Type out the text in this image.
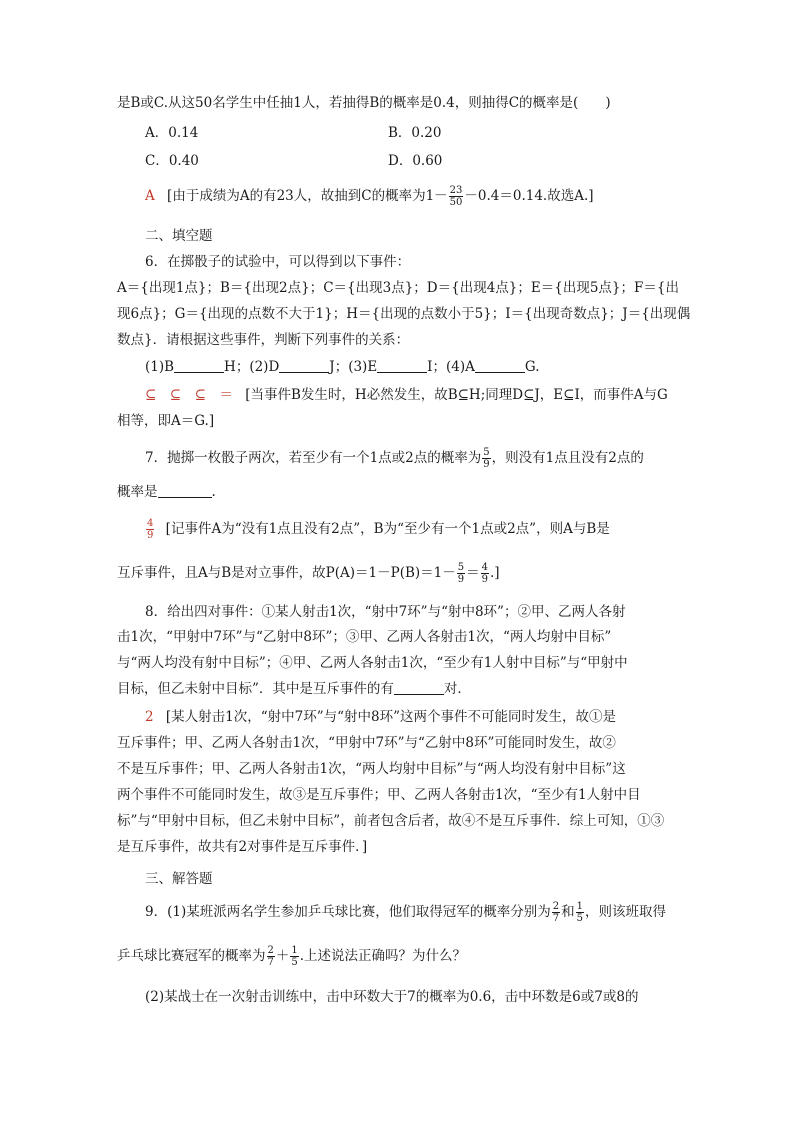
是B或C.从这50名学生中任抽1人，若抽得B的概率是0.4，则抽得C的概率是(　　)
A．0.14	B．0.20
C．0.40	D．0.60
A [由于成绩为A的有23人，故抽到C的概率为$1- \frac{23}{50} -0.4=0.14$.故选A.]
二、填空题
6．在掷骰子的试验中，可以得到以下事件：
A＝{出现1点}；B＝{出现2点}；C＝{出现3点}；D＝{出现4点}；E＝{出现5点}；F＝{出
现6点}；G＝{出现的点数不大于1}；H＝{出现的点数小于5}；I＝{出现奇数点}；J＝{出现偶
数点}．请根据这些事件，判断下列事件的关系：
(1)B	H；(2)D	J；(3)E	I；(4)A	G.
⊆　⊆　⊆　＝ [当事件B发生时，H必然发生，故B⊆H;同理D⊆J，E⊆I，而事件A与G
相等，即A＝G.]
7．抛掷一枚骰子两次，若至少有一个1点或2点的概率为 $\frac{5}{9}$ ，则没有1点且没有2点的
概率是	.
$\frac{4}{9}$ [记事件A为“没有1点且没有2点”，B为“至少有一个1点或2点”，则A与B是
互斥事件，且A与B是对立事件，故$P(A)=1-P(B)=1- \frac{5}{9} = \frac{4}{9}$ .]
8．给出四对事件：①某人射击1次，“射中7环”与“射中8环”；②甲、乙两人各射
击1次，“甲射中7环”与“乙射中8环”；③甲、乙两人各射击1次，“两人均射中目标”
与“两人均没有射中目标”；④甲、乙两人各射击1次，“至少有1人射中目标”与“甲射中
目标，但乙未射中目标”．其中是互斥事件的有	对．
2 [某人射击1次，“射中7环”与“射中8环”这两个事件不可能同时发生，故①是
互斥事件；甲、乙两人各射击1次，“甲射中7环”与“乙射中8环”可能同时发生，故②
不是互斥事件；甲、乙两人各射击1次，“两人均射中目标”与“两人均没有射中目标”这
两个事件不可能同时发生，故③是互斥事件；甲、乙两人各射击1次，“至少有1人射中目
标”与“甲射中目标，但乙未射中目标”，前者包含后者，故④不是互斥事件．综上可知，①③
是互斥事件，故共有2对事件是互斥事件．]
三、解答题
9．(1)某班派两名学生参加乒乓球比赛，他们取得冠军的概率分别为 $\frac{2}{7}$ 和 $\frac{1}{5}$ ，则该班取得
乒乓球比赛冠军的概率为 $\frac{2}{7} + \frac{1}{5}$ .上述说法正确吗？为什么？
(2)某战士在一次射击训练中，击中环数大于7的概率为0.6，击中环数是6或7或8的
